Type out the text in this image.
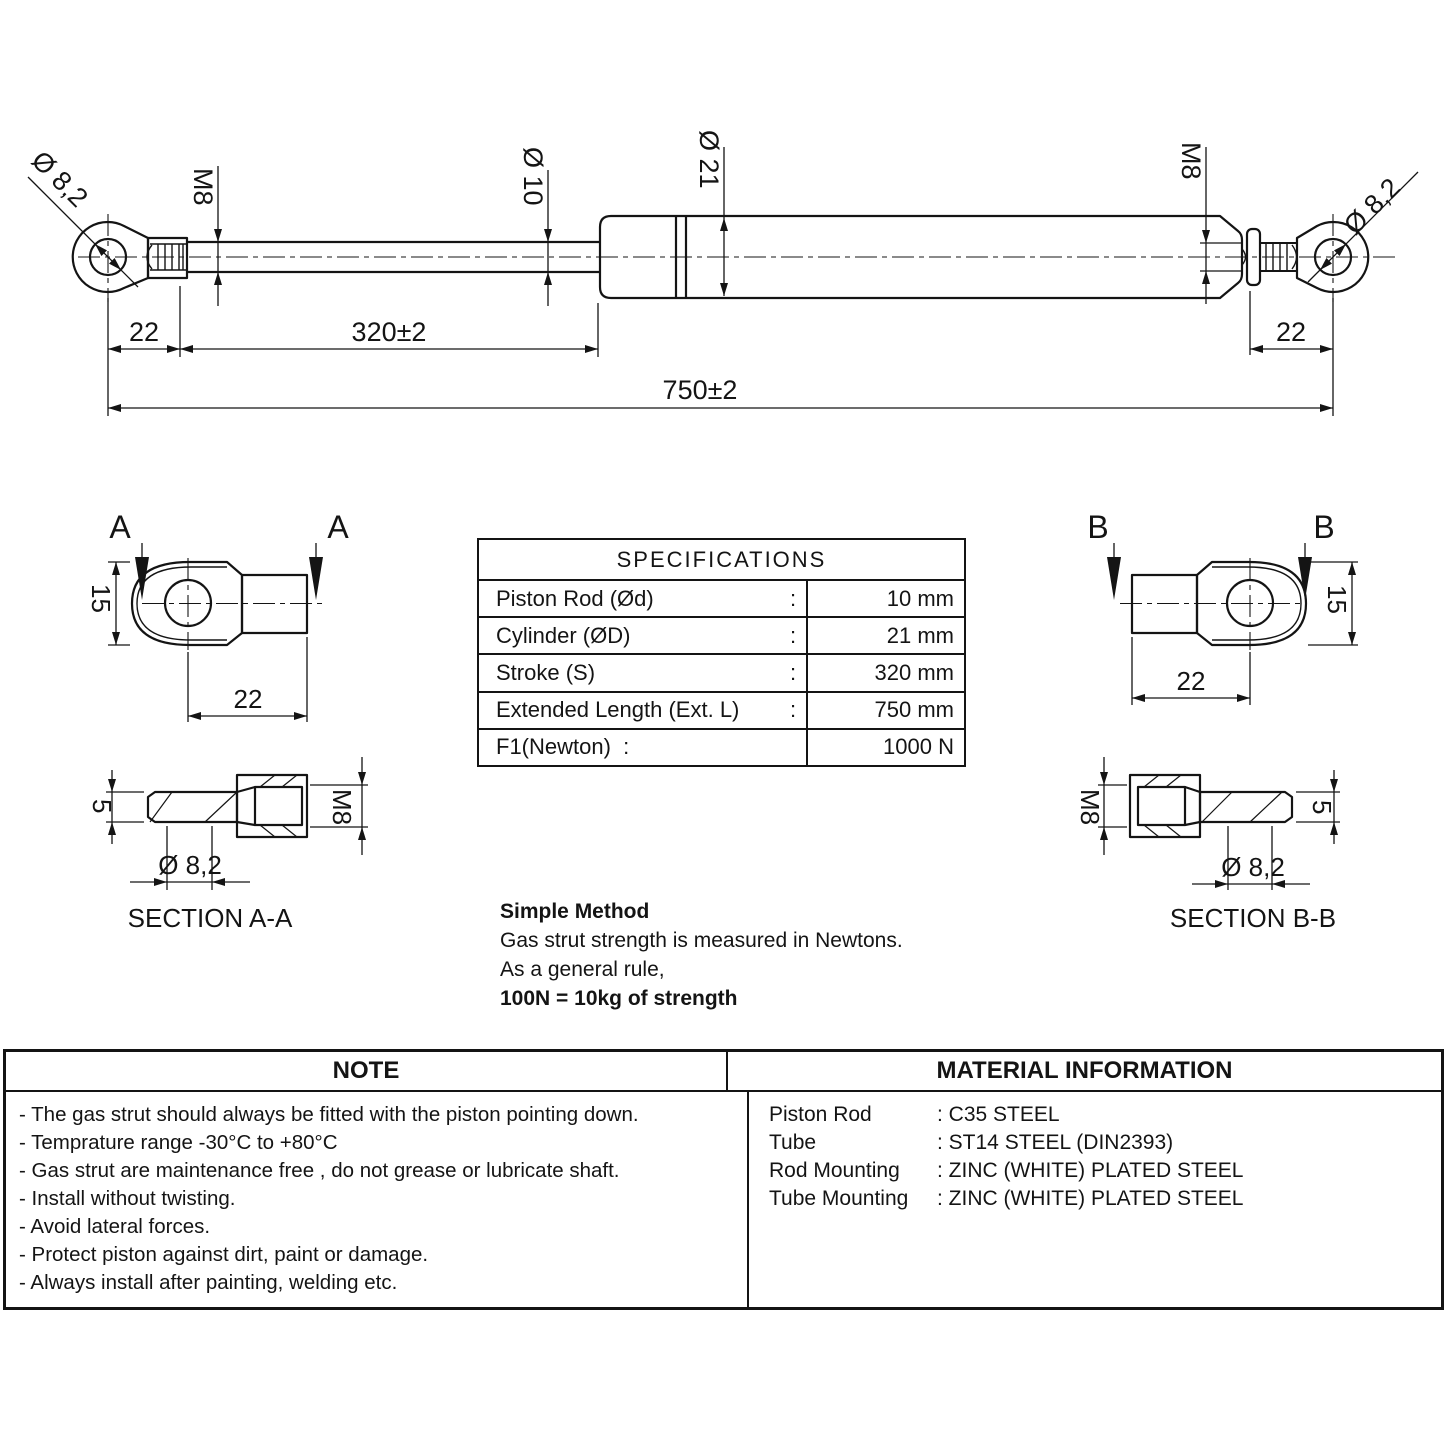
Ø 8,2	M8	Ø 10	Ø 21	M8
Ø 8,2
22	320±2
750±2
22
A	A
15
22
5
Ø 8,2
M8
SECTION A-A
B	B
15
22
M8	5
Ø 8,2
SECTION B-B
SPECIFICATIONS
Piston Rod (Ød)	:	10 mm
Cylinder (ØD)	:	21 mm
Stroke (S)	:	320 mm
Extended Length (Ext. L)	:	750 mm
F1(Newton)  :	1000 N
Simple Method
Gas strut strength is measured in Newtons.
As a general rule,
100N = 10kg of strength
NOTE	MATERIAL INFORMATION
- The gas strut should always be fitted with the piston pointing down.
- Temprature range -30°C to +80°C
- Gas strut are maintenance free , do not grease or lubricate shaft.
- Install without twisting.
- Avoid lateral forces.
- Protect piston against dirt, paint or damage.
- Always install after painting, welding etc.
Piston Rod	: C35 STEEL
Tube	: ST14 STEEL (DIN2393)
Rod Mounting	: ZINC (WHITE) PLATED STEEL
Tube Mounting	: ZINC (WHITE) PLATED STEEL
